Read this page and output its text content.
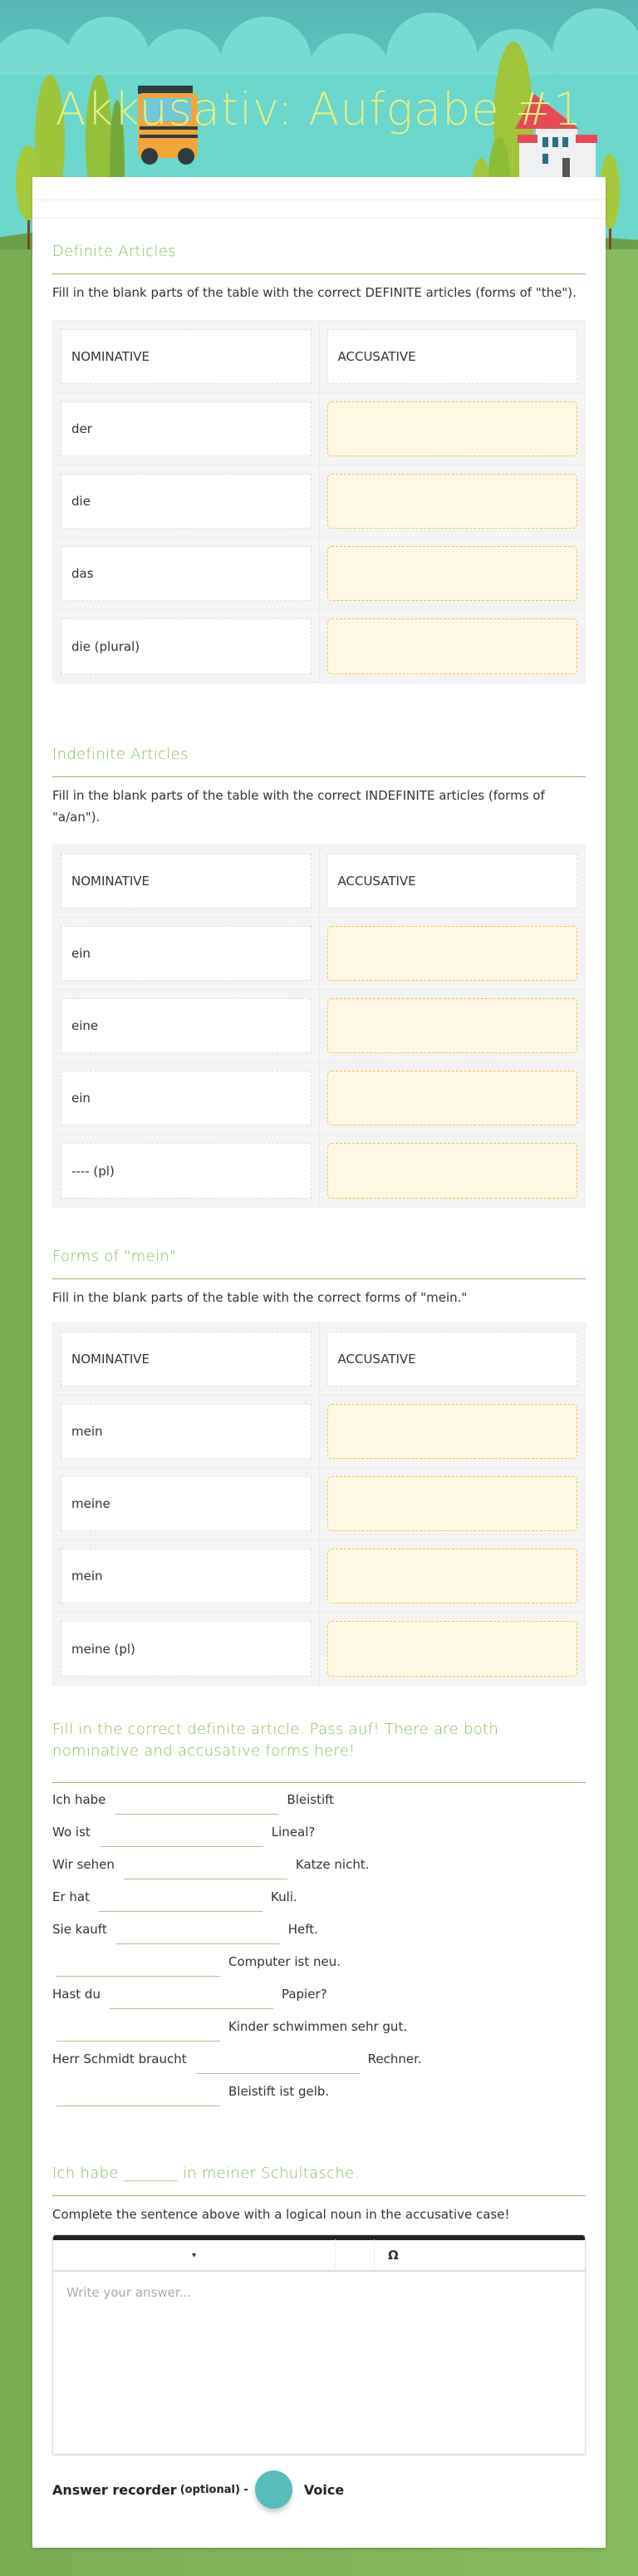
Akkusativ: Aufgabe #1
Definite Articles
Fill in the blank parts of the table with the correct DEFINITE articles (forms of "the").
NOMINATIVE	ACCUSATIVE
der
die
das
die (plural)
Indefinite Articles
Fill in the blank parts of the table with the correct INDEFINITE articles (forms of "a/an").
NOMINATIVE	ACCUSATIVE
ein
eine
ein
---- (pl)
Forms of "mein"
Fill in the blank parts of the table with the correct forms of "mein."
NOMINATIVE	ACCUSATIVE
mein
meine
mein
meine (pl)
Fill in the correct definite article. Pass auf! There are both nominative and accusative forms here!
Ich habe	Bleistift
Wo ist	Lineal?
Wir sehen	Katze nicht.
Er hat	Kuli.
Sie kauft	Heft.
Computer ist neu.
Hast du	Papier?
Kinder schwimmen sehr gut.
Herr Schmidt braucht	Rechner.
Bleistift ist gelb.
Ich habe _______ in meiner Schultasche.
Complete the sentence above with a logical noun in the accusative case!
▾	Ω
Write your answer...
Answer recorder (optional) -	Voice
